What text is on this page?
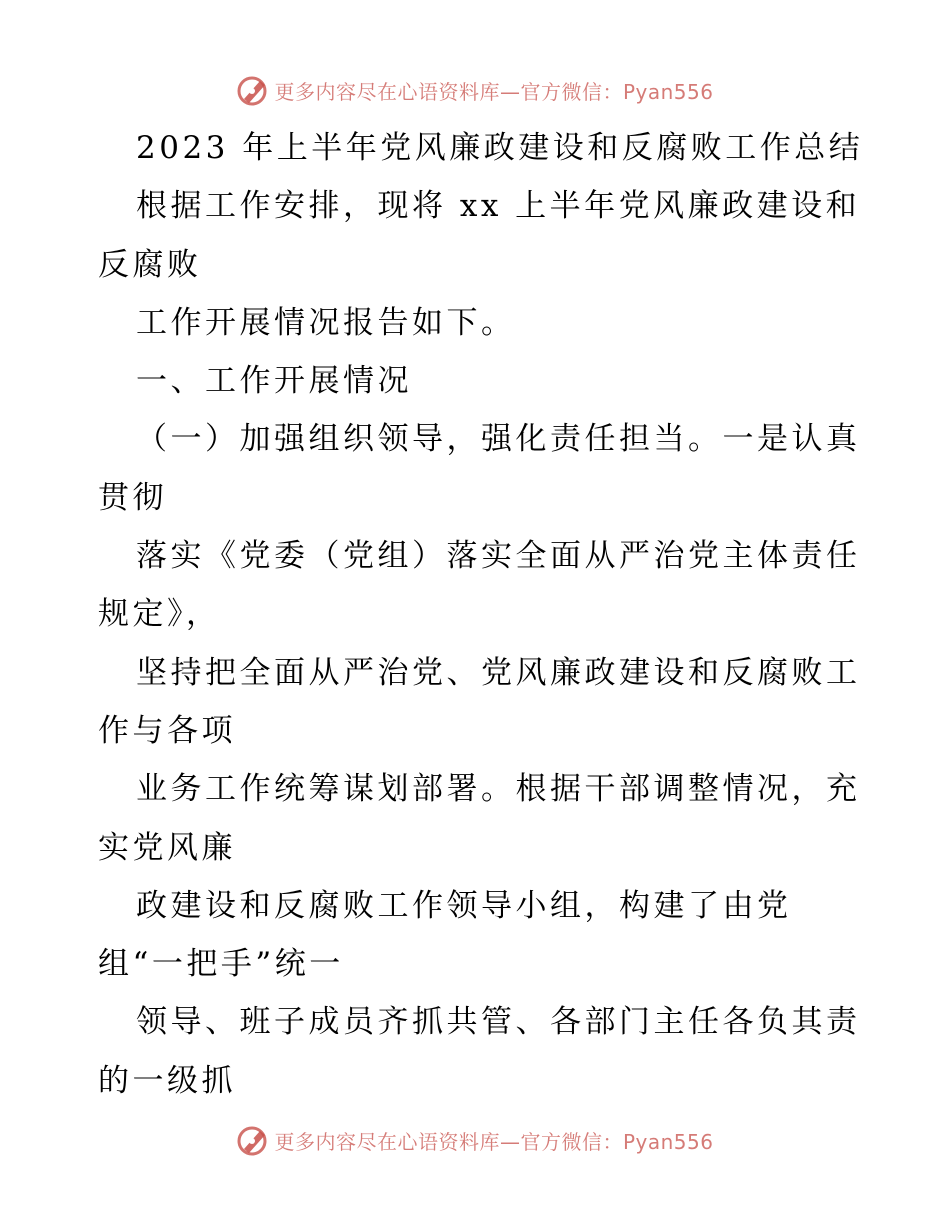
更多内容尽在心语资料库—官方微信：Pyan556
2023 年上半年党风廉政建设和反腐败工作总结
根据工作安排，现将 xx 上半年党风廉政建设和
反腐败
工作开展情况报告如下。
一、工作开展情况
（一）加强组织领导，强化责任担当。一是认真
贯彻
落实《党委（党组）落实全面从严治党主体责任
规定》，
坚持把全面从严治党、党风廉政建设和反腐败工
作与各项
业务工作统筹谋划部署。根据干部调整情况，充
实党风廉
政建设和反腐败工作领导小组，构建了由党
组“一把手”统一
领导、班子成员齐抓共管、各部门主任各负其责
的一级抓
更多内容尽在心语资料库—官方微信：Pyan556
